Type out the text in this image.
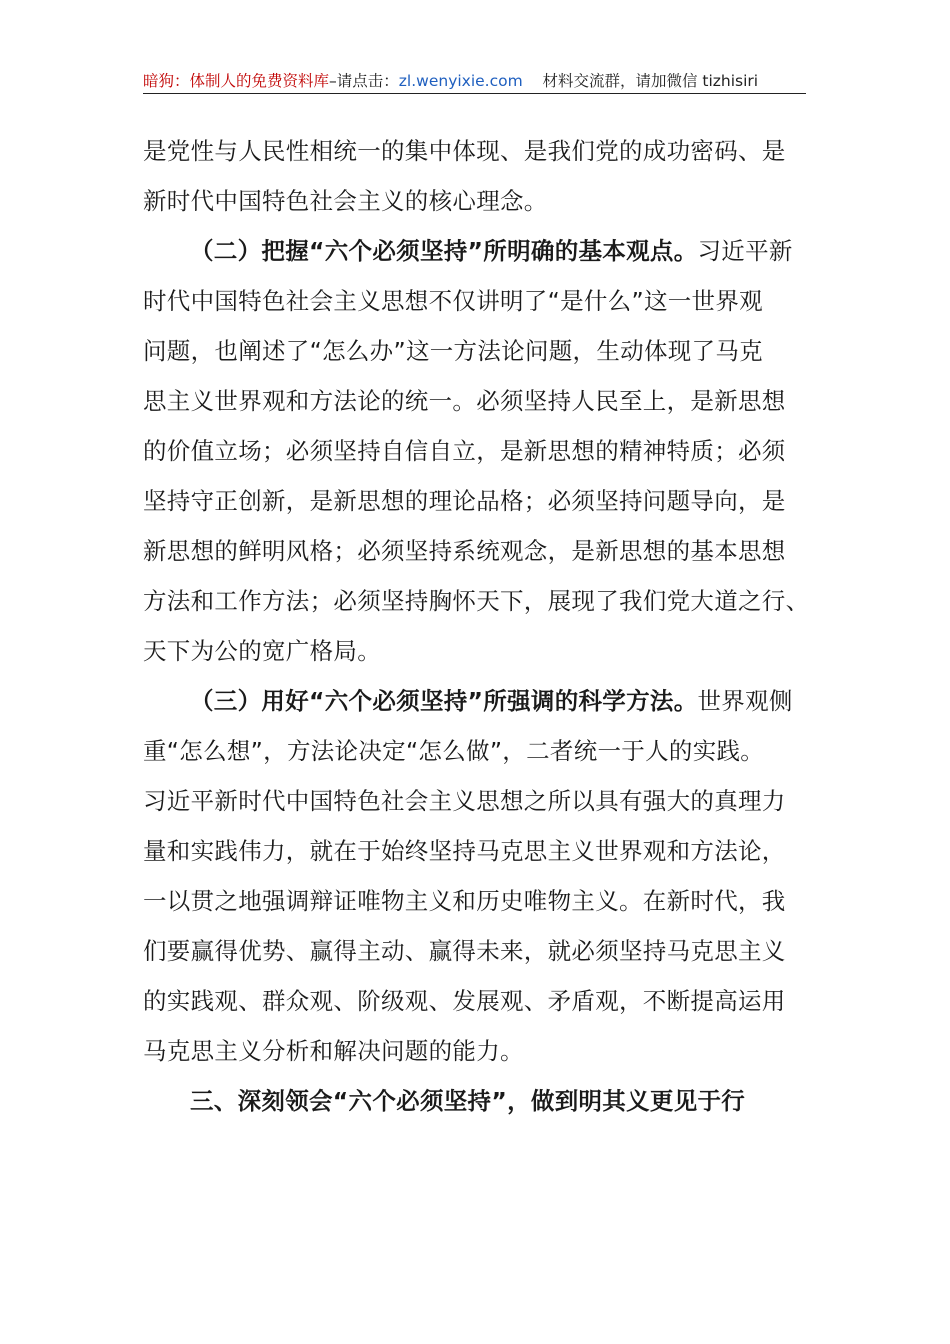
暗狗：体制人的免费资料库–请点击：zl.wenyixie.com 材料交流群，请加微信 tizhisiri
是党性与人民性相统一的集中体现、是我们党的成功密码、是
新时代中国特色社会主义的核心理念。
（二）把握“六个必须坚持”所明确的基本观点。习近平新
时代中国特色社会主义思想不仅讲明了“是什么”这一世界观
问题，也阐述了“怎么办”这一方法论问题，生动体现了马克
思主义世界观和方法论的统一。必须坚持人民至上，是新思想
的价值立场；必须坚持自信自立，是新思想的精神特质；必须
坚持守正创新，是新思想的理论品格；必须坚持问题导向，是
新思想的鲜明风格；必须坚持系统观念，是新思想的基本思想
方法和工作方法；必须坚持胸怀天下，展现了我们党大道之行、
天下为公的宽广格局。
（三）用好“六个必须坚持”所强调的科学方法。世界观侧
重“怎么想”，方法论决定“怎么做”，二者统一于人的实践。
习近平新时代中国特色社会主义思想之所以具有强大的真理力
量和实践伟力，就在于始终坚持马克思主义世界观和方法论，
一以贯之地强调辩证唯物主义和历史唯物主义。在新时代，我
们要赢得优势、赢得主动、赢得未来，就必须坚持马克思主义
的实践观、群众观、阶级观、发展观、矛盾观，不断提高运用
马克思主义分析和解决问题的能力。
三、深刻领会“六个必须坚持”，做到明其义更见于行
